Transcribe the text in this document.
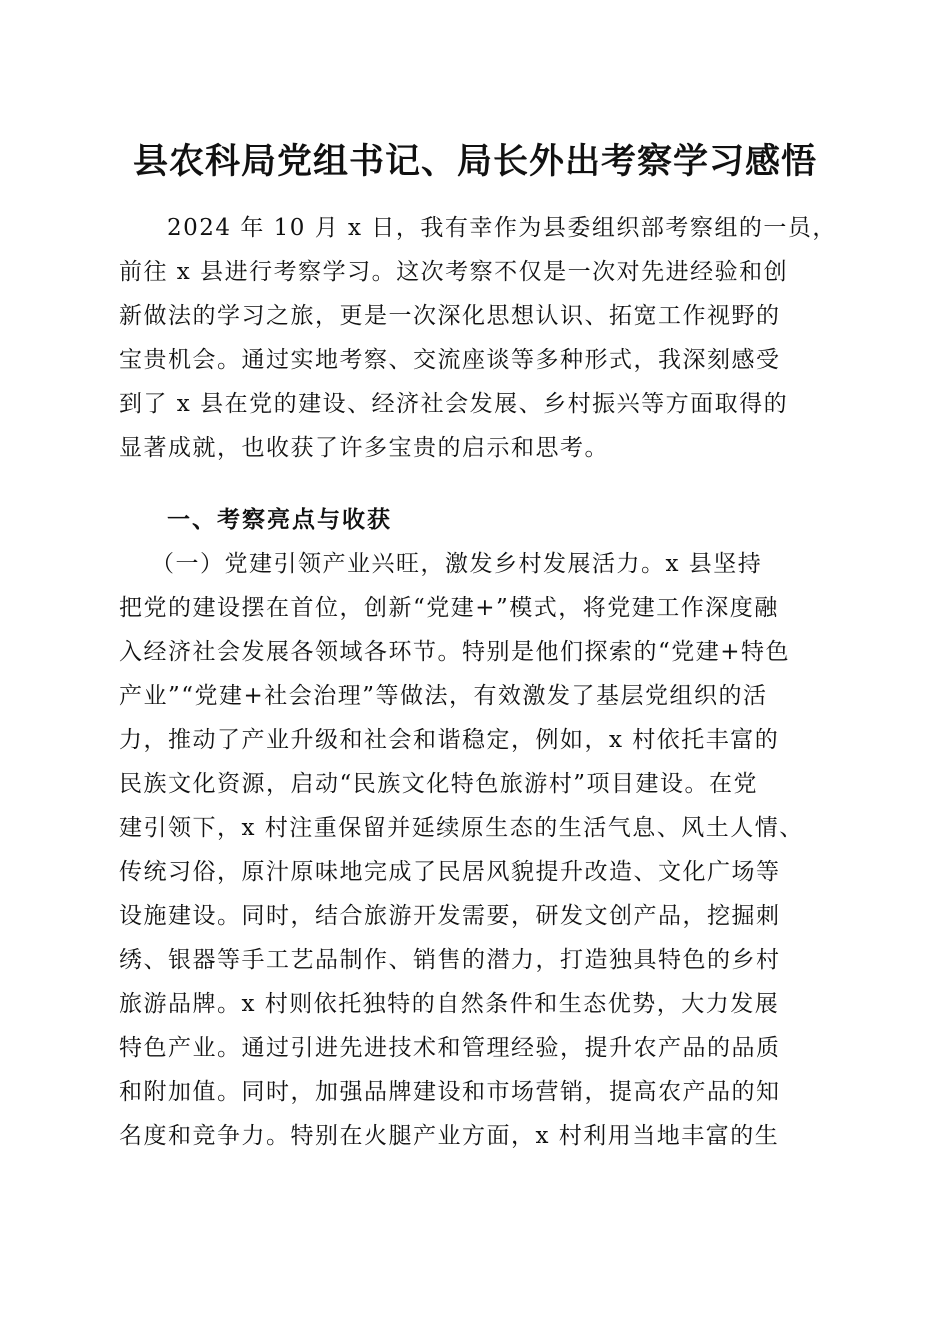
县农科局党组书记、局长外出考察学习感悟
2024 年 10 月 x 日，我有幸作为县委组织部考察组的一员，
前往 x 县进行考察学习。这次考察不仅是一次对先进经验和创
新做法的学习之旅，更是一次深化思想认识、拓宽工作视野的
宝贵机会。通过实地考察、交流座谈等多种形式，我深刻感受
到了 x 县在党的建设、经济社会发展、乡村振兴等方面取得的
显著成就，也收获了许多宝贵的启示和思考。
一、考察亮点与收获
（一）党建引领产业兴旺，激发乡村发展活力。x 县坚持
把党的建设摆在首位，创新“党建+”模式，将党建工作深度融
入经济社会发展各领域各环节。特别是他们探索的“党建+特色
产业”“党建+社会治理”等做法，有效激发了基层党组织的活
力，推动了产业升级和社会和谐稳定，例如，x 村依托丰富的
民族文化资源，启动“民族文化特色旅游村”项目建设。在党
建引领下，x 村注重保留并延续原生态的生活气息、风土人情、
传统习俗，原汁原味地完成了民居风貌提升改造、文化广场等
设施建设。同时，结合旅游开发需要，研发文创产品，挖掘刺
绣、银器等手工艺品制作、销售的潜力，打造独具特色的乡村
旅游品牌。x 村则依托独特的自然条件和生态优势，大力发展
特色产业。通过引进先进技术和管理经验，提升农产品的品质
和附加值。同时，加强品牌建设和市场营销，提高农产品的知
名度和竞争力。特别在火腿产业方面，x 村利用当地丰富的生
